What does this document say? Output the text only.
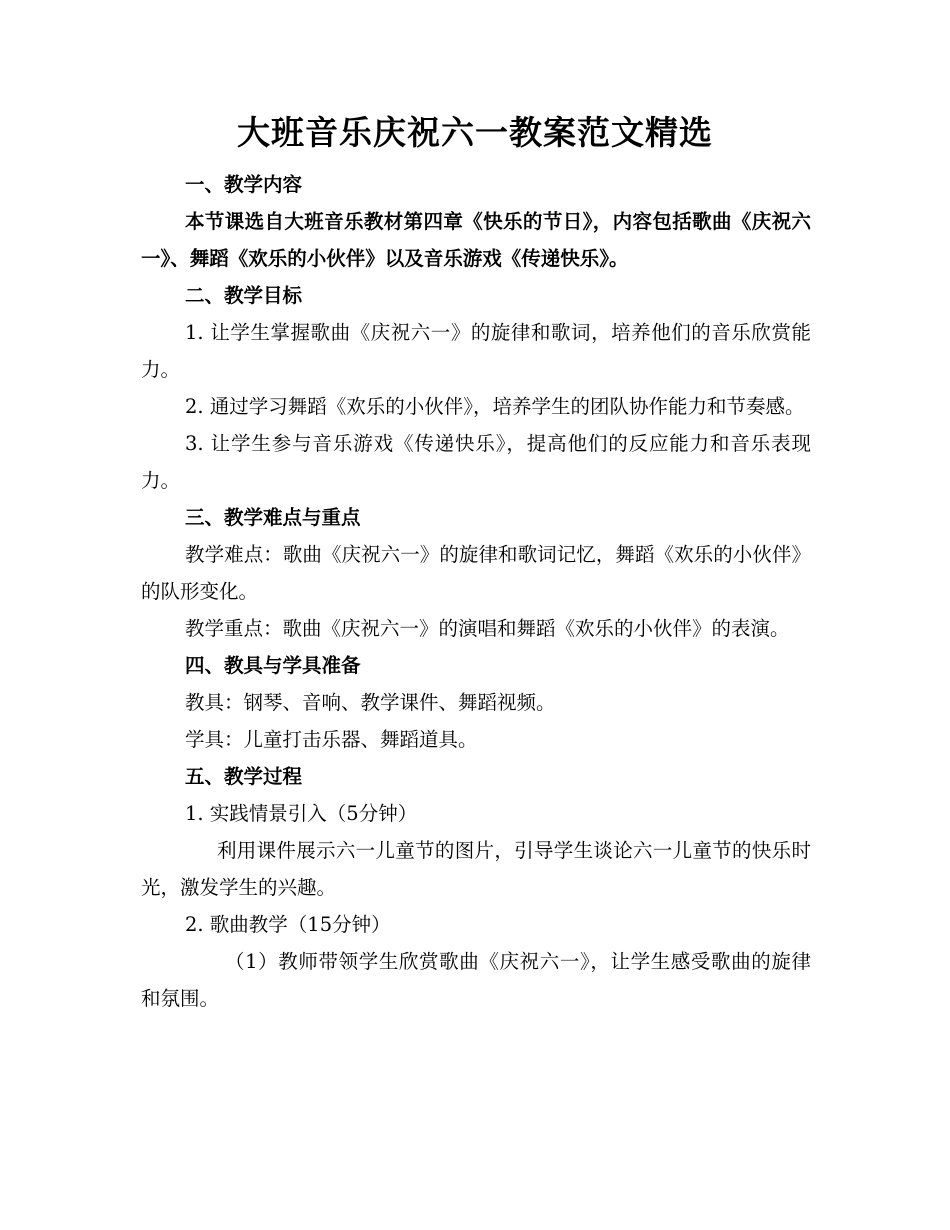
大班音乐庆祝六一教案范文精选

一、教学内容

本节课选自大班音乐教材第四章《快乐的节日》，内容包括歌曲《庆祝六一》、舞蹈《欢乐的小伙伴》以及音乐游戏《传递快乐》。

二、教学目标

1. 让学生掌握歌曲《庆祝六一》的旋律和歌词，培养他们的音乐欣赏能力。

2. 通过学习舞蹈《欢乐的小伙伴》，培养学生的团队协作能力和节奏感。

3. 让学生参与音乐游戏《传递快乐》，提高他们的反应能力和音乐表现力。

三、教学难点与重点

教学难点：歌曲《庆祝六一》的旋律和歌词记忆，舞蹈《欢乐的小伙伴》的队形变化。

教学重点：歌曲《庆祝六一》的演唱和舞蹈《欢乐的小伙伴》的表演。

四、教具与学具准备

教具：钢琴、音响、教学课件、舞蹈视频。

学具：儿童打击乐器、舞蹈道具。

五、教学过程

1. 实践情景引入（5分钟）

利用课件展示六一儿童节的图片，引导学生谈论六一儿童节的快乐时光，激发学生的兴趣。

2. 歌曲教学（15分钟）

（1）教师带领学生欣赏歌曲《庆祝六一》，让学生感受歌曲的旋律和氛围。
